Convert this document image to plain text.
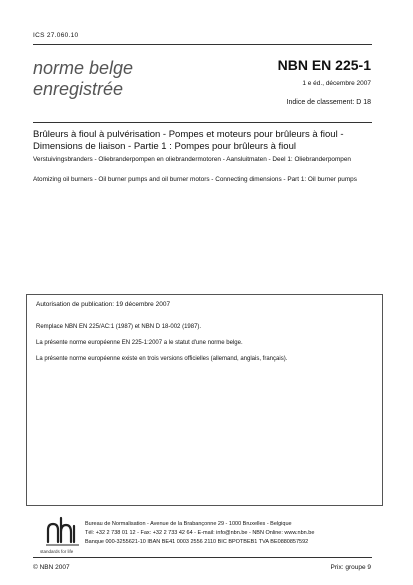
ICS 27.060.10
norme belge
enregistrée
NBN EN 225-1
1 e éd., décembre 2007
Indice de classement: D 18
Brûleurs à fioul à pulvérisation - Pompes et moteurs pour brûleurs à fioul - Dimensions de liaison - Partie 1 : Pompes pour brûleurs à fioul
Verstuivingsbranders - Oliebranderpompen en oliebrandermotoren - Aansluitmaten - Deel 1: Oliebranderpompen
Atomizing oil burners - Oil burner pumps and oil burner motors - Connecting dimensions - Part 1: Oil burner pumps
Autorisation de publication: 19 décembre 2007
Remplace NBN EN 225/AC:1 (1987) et NBN D 18-002 (1987).
La présente norme européenne EN 225-1:2007 a le statut d'une norme belge.
La présente norme européenne existe en trois versions officielles (allemand, anglais, français).
standards for life
Bureau de Normalisation - Avenue de la Brabançonne 29 - 1000 Bruxelles - Belgique
Tél: +32 2 738 01 12 - Fax: +32 2 733 42 64 - E-mail: info@nbn.be - NBN Online: www.nbn.be
Banque 000-3255621-10 IBAN BE41 0003 2556 2110 BIC BPOTBEB1 TVA BE0880857592
© NBN 2007	Prix: groupe 9
